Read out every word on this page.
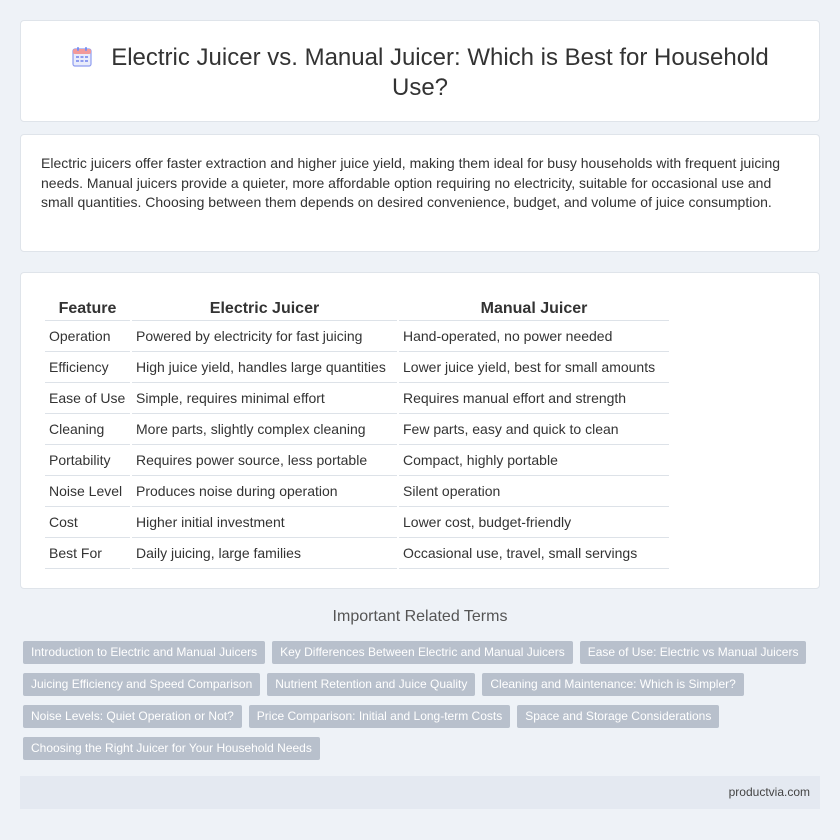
Electric Juicer vs. Manual Juicer: Which is Best for Household Use?

Electric juicers offer faster extraction and higher juice yield, making them ideal for busy households with frequent juicing needs. Manual juicers provide a quieter, more affordable option requiring no electricity, suitable for occasional use and small quantities. Choosing between them depends on desired convenience, budget, and volume of juice consumption.

Feature	Electric Juicer	Manual Juicer
Operation	Powered by electricity for fast juicing	Hand-operated, no power needed
Efficiency	High juice yield, handles large quantities	Lower juice yield, best for small amounts
Ease of Use	Simple, requires minimal effort	Requires manual effort and strength
Cleaning	More parts, slightly complex cleaning	Few parts, easy and quick to clean
Portability	Requires power source, less portable	Compact, highly portable
Noise Level	Produces noise during operation	Silent operation
Cost	Higher initial investment	Lower cost, budget-friendly
Best For	Daily juicing, large families	Occasional use, travel, small servings
Important Related Terms
Introduction to Electric and Manual Juicers	Key Differences Between Electric and Manual Juicers	Ease of Use: Electric vs Manual Juicers
Juicing Efficiency and Speed Comparison	Nutrient Retention and Juice Quality	Cleaning and Maintenance: Which is Simpler?
Noise Levels: Quiet Operation or Not?	Price Comparison: Initial and Long-term Costs	Space and Storage Considerations
Choosing the Right Juicer for Your Household Needs
productvia.com
